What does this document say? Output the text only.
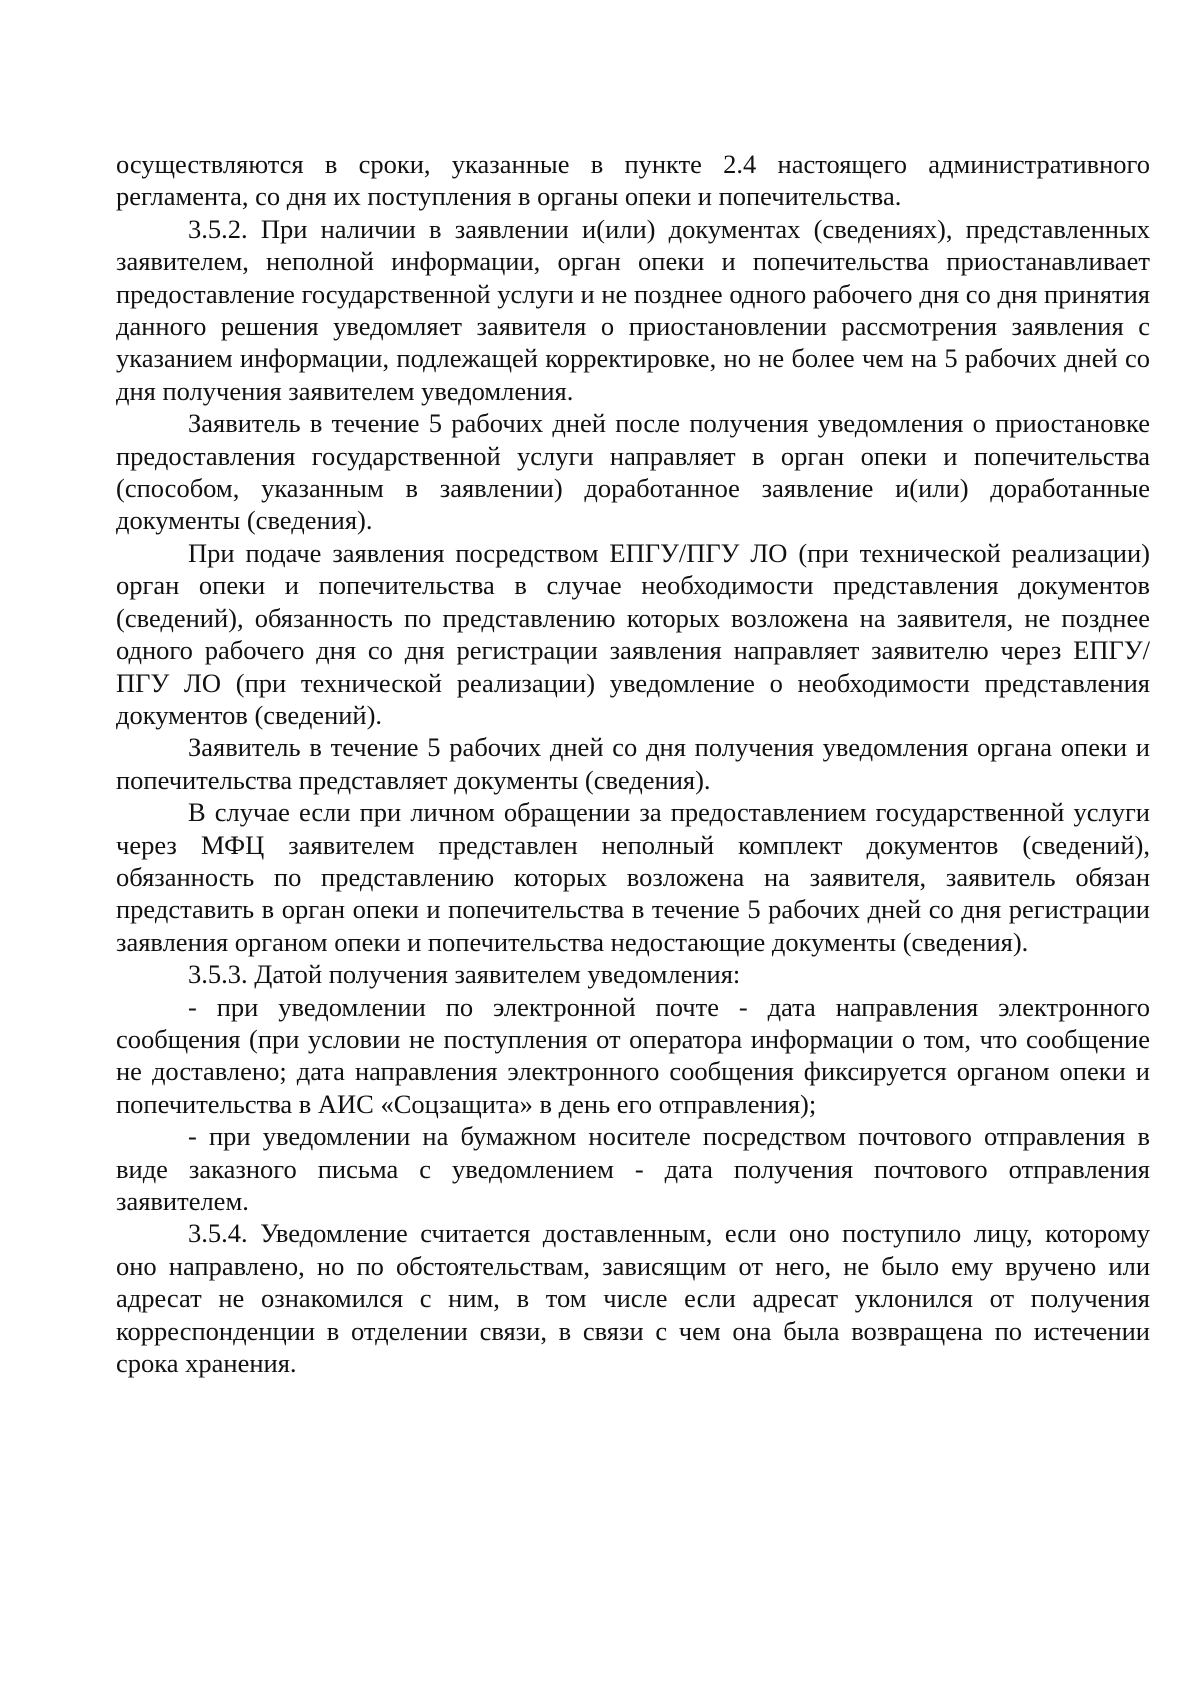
осуществляются в сроки, указанные в пункте 2.4 настоящего административного регламента, со дня их поступления в органы опеки и попечительства.

3.5.2. При наличии в заявлении и(или) документах (сведениях), представленных заявителем, неполной информации, орган опеки и попечительства приостанавливает предоставление государственной услуги и не позднее одного рабочего дня со дня принятия данного решения уведомляет заявителя о приостановлении рассмотрения заявления с указанием информации, подлежащей корректировке, но не более чем на 5 рабочих дней со дня получения заявителем уведомления.

Заявитель в течение 5 рабочих дней после получения уведомления о приостановке предоставления государственной услуги направляет в орган опеки и попечительства (способом, указанным в заявлении) доработанное заявление и(или) доработанные документы (сведения).

При подаче заявления посредством ЕПГУ/ПГУ ЛО (при технической реализации) орган опеки и попечительства в случае необходимости представления документов (сведений), обязанность по представлению которых возложена на заявителя, не позднее одного рабочего дня со дня регистрации заявления направляет заявителю через ЕПГУ/ПГУ ЛО (при технической реализации) уведомление о необходимости представления документов (сведений).

Заявитель в течение 5 рабочих дней со дня получения уведомления органа опеки и попечительства представляет документы (сведения).

В случае если при личном обращении за предоставлением государственной услуги через МФЦ заявителем представлен неполный комплект документов (сведений), обязанность по представлению которых возложена на заявителя, заявитель обязан представить в орган опеки и попечительства в течение 5 рабочих дней со дня регистрации заявления органом опеки и попечительства недостающие документы (сведения).

3.5.3. Датой получения заявителем уведомления:

- при уведомлении по электронной почте - дата направления электронного сообщения (при условии не поступления от оператора информации о том, что сообщение не доставлено; дата направления электронного сообщения фиксируется органом опеки и попечительства в АИС «Соцзащита» в день его отправления);

- при уведомлении на бумажном носителе посредством почтового отправления в виде заказного письма с уведомлением - дата получения почтового отправления заявителем.

3.5.4. Уведомление считается доставленным, если оно поступило лицу, которому оно направлено, но по обстоятельствам, зависящим от него, не было ему вручено или адресат не ознакомился с ним, в том числе если адресат уклонился от получения корреспонденции в отделении связи, в связи с чем она была возвращена по истечении срока хранения.
